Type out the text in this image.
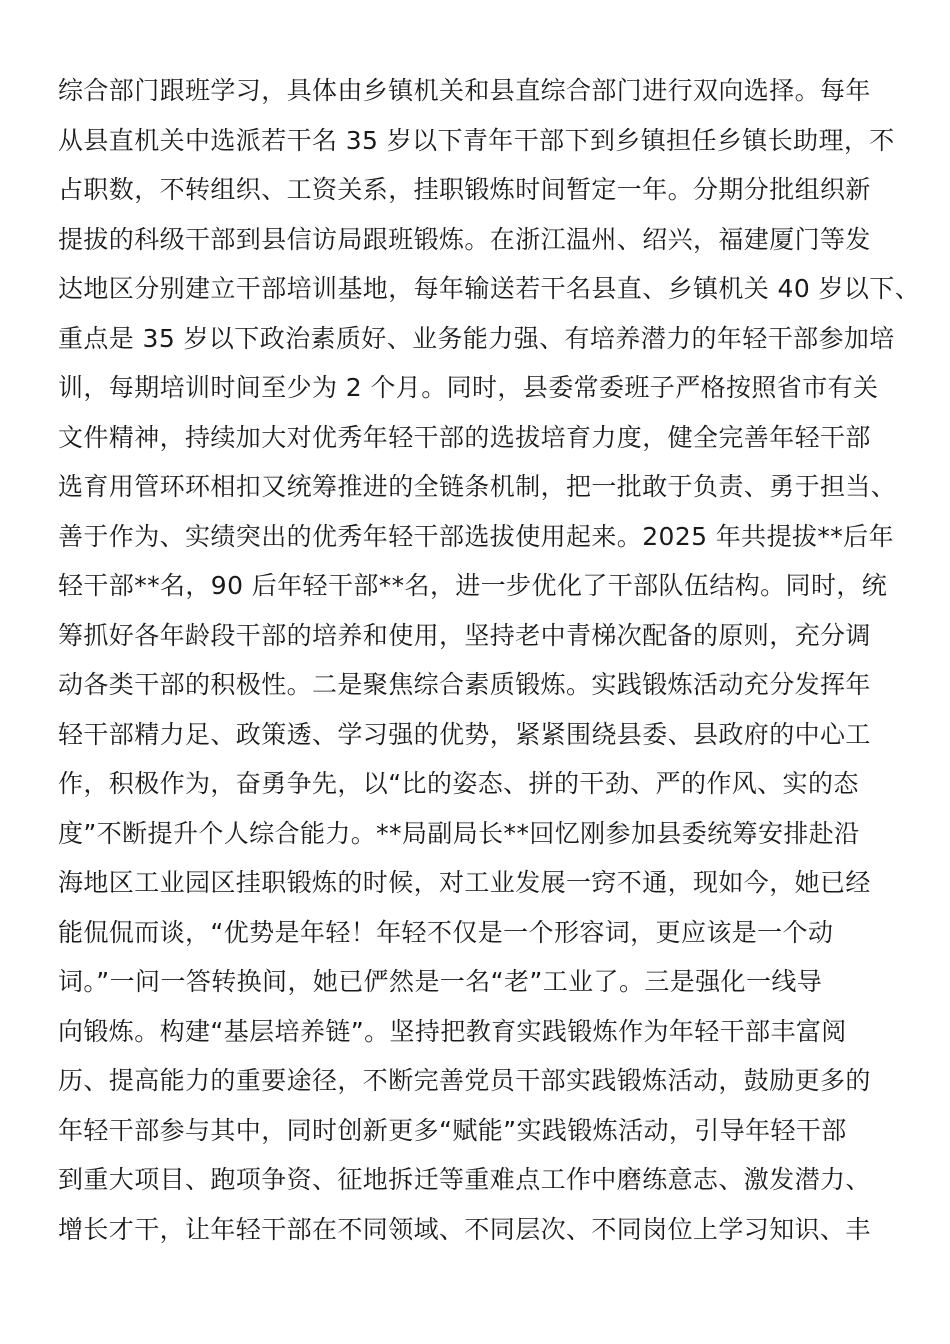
综合部门跟班学习，具体由乡镇机关和县直综合部门进行双向选择。每年
从县直机关中选派若干名 35 岁以下青年干部下到乡镇担任乡镇长助理，不
占职数，不转组织、工资关系，挂职锻炼时间暂定一年。分期分批组织新
提拔的科级干部到县信访局跟班锻炼。在浙江温州、绍兴，福建厦门等发
达地区分别建立干部培训基地，每年输送若干名县直、乡镇机关 40 岁以下、
重点是 35 岁以下政治素质好、业务能力强、有培养潜力的年轻干部参加培
训，每期培训时间至少为 2 个月。同时，县委常委班子严格按照省市有关
文件精神，持续加大对优秀年轻干部的选拔培育力度，健全完善年轻干部
选育用管环环相扣又统筹推进的全链条机制，把一批敢于负责、勇于担当、
善于作为、实绩突出的优秀年轻干部选拔使用起来。2025 年共提拔**后年
轻干部**名，90 后年轻干部**名，进一步优化了干部队伍结构。同时，统
筹抓好各年龄段干部的培养和使用，坚持老中青梯次配备的原则，充分调
动各类干部的积极性。二是聚焦综合素质锻炼。实践锻炼活动充分发挥年
轻干部精力足、政策透、学习强的优势，紧紧围绕县委、县政府的中心工
作，积极作为，奋勇争先，以“比的姿态、拼的干劲、严的作风、实的态
度”不断提升个人综合能力。**局副局长**回忆刚参加县委统筹安排赴沿
海地区工业园区挂职锻炼的时候，对工业发展一窍不通，现如今，她已经
能侃侃而谈，“优势是年轻！年轻不仅是一个形容词，更应该是一个动
词。”一问一答转换间，她已俨然是一名“老”工业了。三是强化一线导
向锻炼。构建“基层培养链”。坚持把教育实践锻炼作为年轻干部丰富阅
历、提高能力的重要途径，不断完善党员干部实践锻炼活动，鼓励更多的
年轻干部参与其中，同时创新更多“赋能”实践锻炼活动，引导年轻干部
到重大项目、跑项争资、征地拆迁等重难点工作中磨练意志、激发潜力、
增长才干，让年轻干部在不同领域、不同层次、不同岗位上学习知识、丰
